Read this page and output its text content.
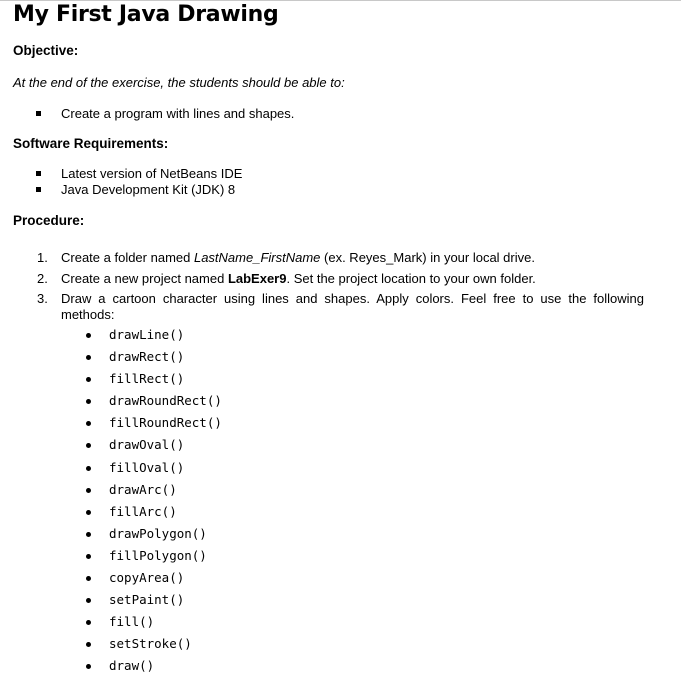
My First Java Drawing
Objective:
At the end of the exercise, the students should be able to:
Create a program with lines and shapes.
Software Requirements:
Latest version of NetBeans IDE
Java Development Kit (JDK) 8
Procedure:
1. Create a folder named LastName_FirstName (ex. Reyes_Mark) in your local drive.
2. Create a new project named LabExer9. Set the project location to your own folder.
3. Draw a cartoon character using lines and shapes. Apply colors. Feel free to use the following
methods:
drawLine()
drawRect()
fillRect()
drawRoundRect()
fillRoundRect()
drawOval()
fillOval()
drawArc()
fillArc()
drawPolygon()
fillPolygon()
copyArea()
setPaint()
fill()
setStroke()
draw()
